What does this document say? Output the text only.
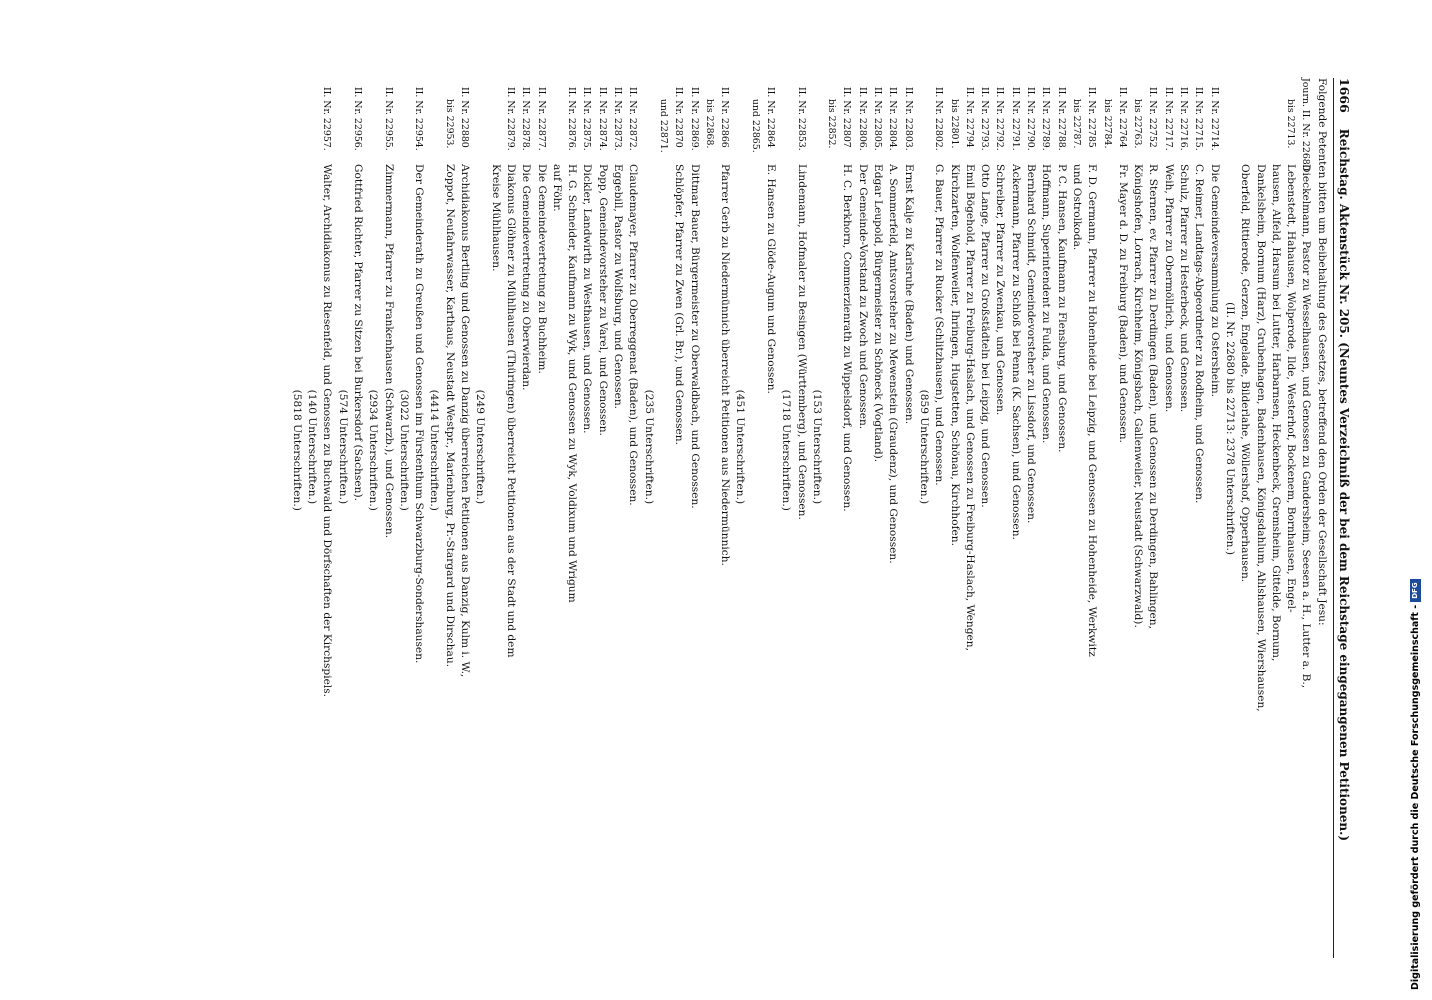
1666
Reichstag. Aktenstück Nr. 205. (Neuntes Verzeichniß der bei dem Reichstage eingegangenen Petitionen.)
Folgende Petenten bitten um Beibehaltung des Gesetzes, betreffend den Orden der Gesellschaft Jesu:
Journ. II. Nr. 22680
bis 22713.
Dieckelmann, Pastor zu Wesselhausen, und Genossen zu Gandersheim, Seesen a. H., Lutter a. B.,
Lebenstedt, Hahausen, Wolperode, Ilde, Westerhof, Bockenem, Bornhausen, Engel-
hausen, Alfeld, Harsum bei Lutter, Harbarnsen, Heckenbeck, Gremsheim, Gittelde, Bornum,
Dankelsheim, Bornum (Harz), Grubenhagen, Badenhausen, Königsdahlum, Ahlshausen, Wiershausen,
Oberfeld, Rittierode, Gerzen, Engelade, Bilderlahe, Wöllershof, Opperhausen.
(II. Nr. 22680 bis 22713: 2378 Unterschriften.)
II. Nr. 22714.
Die Gemeindeversammlung zu Ostersheim.
II. Nr. 22715.
C. Reimer, Landtags-Abgeordneter zu Rodheim, und Genossen.
II. Nr. 22716.
Schulz, Pfarrer zu Hesterbeck, und Genossen.
II. Nr. 22717.
Weih, Pfarrer zu Obermöllrich, und Genossen.
II. Nr. 22752
bis 22763.
R. Sternen, ev. Pfarrer zu Derdingen (Baden), und Genossen zu Derdingen, Bahlingen,
Königshofen, Lorrach, Kirchheim, Königsbach, Gallenweiler, Neustadt (Schwarzwald).
II. Nr. 22764
bis 22784.
Fr. Mayer d. D. zu Freiburg (Baden), und Genossen.
II. Nr. 22785
bis 22787.
F. D. Germann, Pfarrer zu Hohenheide bei Leipzig, und Genossen zu Hohenheide, Werkwitz
und Ostrolkoda.
II. Nr. 22788.
P. C. Hansen, Kaufmann zu Flensburg, und Genossen.
II. Nr. 22789.
Hoffmann, Superintendent zu Fulda, und Genossen.
II. Nr. 22790.
Bernhard Schmidt, Gemeindevorsteher zu Lissdorf, und Genossen.
II. Nr. 22791.
Ackermann, Pfarrer zu Schloß bei Penna (K. Sachsen), und Genossen.
II. Nr. 22792.
Schreiber, Pfarrer zu Zwenkau, und Genossen.
II. Nr. 22793.
Otto Lange, Pfarrer zu Großstädteln bei Leipzig, und Genossen.
II. Nr. 22794
bis 22801.
Emil Bögehold, Pfarrer zu Freiburg-Haslach, und Genossen zu Freiburg-Haslach, Wengen,
Kirchzarten, Wolfenweiler, Ihringen, Hugstetten, Schönau, Kirchhofen.
II. Nr. 22802.
G. Bauer, Pfarrer zu Rucker (Schlitzhausen), und Genossen.

(859 Unterschriften.)
II. Nr. 22803.
Ernst Kalje zu Karlsruhe (Baden) und Genossen.
II. Nr. 22804.
A. Sommerfeld, Amtsvorsteher zu Mewenstein (Graudenz), und Genossen.
II. Nr. 22805.
Edgar Leupold, Bürgermeister zu Schöneck (Vogtland).
II. Nr. 22806.
Der Gemeinde-Vorstand zu Zwoch und Genossen.
II. Nr. 22807
bis 22852.
H. C. Berkhorn, Commerzienrath zu Wippelsdorf, und Genossen.

(153 Unterschriften.)
II. Nr. 22853.
Lindemann, Hofmaler zu Besingen (Württemberg), und Genossen.

(1718 Unterschriften.)
II. Nr. 22864
und 22865.
E. Hansen zu Glöde-Augum und Genossen.

(451 Unterschriften.)
II. Nr. 22866
bis 22868.
Pfarrer Gerb zu Niedermünnich überreicht Petitionen aus Niedermünnich.
II. Nr. 22869.
Dittmar Bauer, Bürgermeister zu Oberwaldbach, und Genossen.
II. Nr. 22870
und 22871.
Schlöpfer, Pfarrer zu Zwen (Grl. Br.), und Genossen.

(235 Unterschriften.)
II. Nr. 22872.
Claudemayer, Pfarrer zu Oberreggenat (Baden), und Genossen.
II. Nr. 22873.
Eggebill, Pastor zu Wolfsburg, und Genossen.
II. Nr. 22874.
Popp, Gemeindevorsteher zu Varel, und Genossen.
II. Nr. 22875.
Dickler, Landwirth zu Westhausen, und Genossen.
II. Nr. 22876.
H. G. Schneider, Kaufmann zu Wyk, und Genossen zu Wyk, Voldixum und Wrigum
auf Föhr.
II. Nr. 22877.
Die Gemeindevertretung zu Buchheim.
II. Nr. 22878.
Die Gemeindevertretung zu Oberwierdan.
II. Nr. 22879.
Diakonus Glöhner zu Mühlhausen (Thüringen) überreicht Petitionen aus der Stadt und dem
Kreise Mühlhausen.

(249 Unterschriften.)
II. Nr. 22880
bis 22953.
Archidiakonus Bertling und Genossen zu Danzig überreichen Petitionen aus Danzig, Kulm i. W.,
Zoppot, Neufahrwasser, Karthaus, Neustadt Westpr., Marienburg, Pr.-Stargard und Dirschau.

(4414 Unterschriften.)
II. Nr. 22954.
Der Gemeinderath zu Greußen und Genossen im Fürstenthum Schwarzburg-Sondershausen.

(3022 Unterschriften.)
II. Nr. 22955.
Zimmermann, Pfarrer zu Frankenhausen (Schwarzb.), und Genossen.

(2934 Unterschriften.)
II. Nr. 22956.
Gottfried Richter, Pfarrer zu Sitzen bei Burkersdorf (Sachsen).

(574 Unterschriften.)
II. Nr. 22957.
Walter, Archidiakonus zu Riesenfeld, und Genossen zu Buchwald und Dörfschaften der Kirchspiels.

(140 Unterschriften.)
(5818 Unterschriften.)
Digitalisierung gefördert durch die Deutsche Forschungsgemeinschaft -
DFG
